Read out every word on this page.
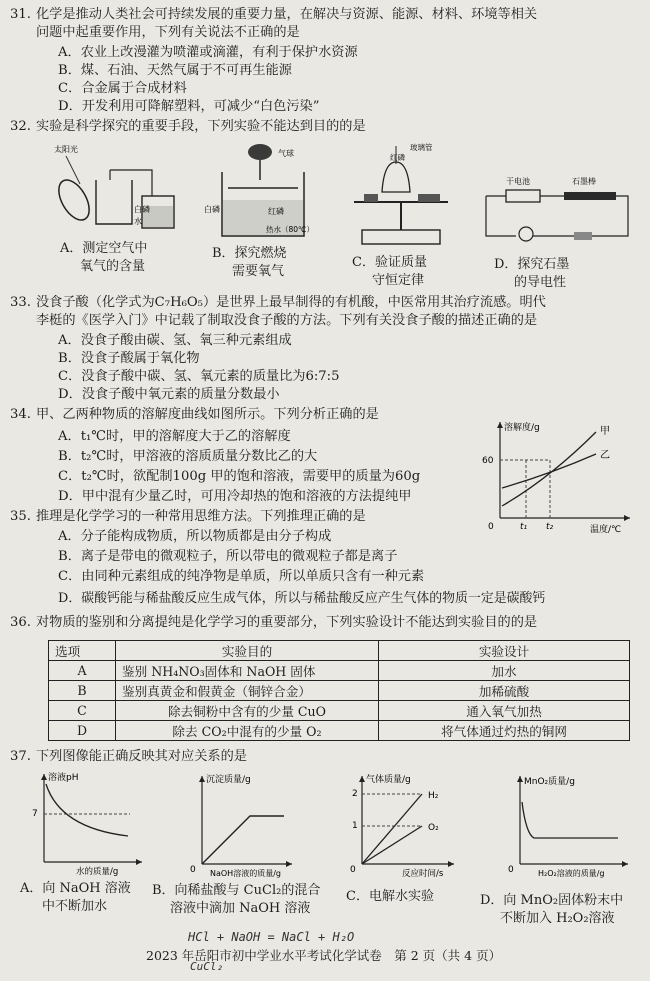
31. 化学是推动人类社会可持续发展的重要力量，在解决与资源、能源、材料、环境等相关
问题中起重要作用，下列有关说法不正确的是
A．农业上改漫灌为喷灌或滴灌，有利于保护水资源
B．煤、石油、天然气属于不可再生能源
C．合金属于合成材料
D．开发利用可降解塑料，可减少“白色污染”
32. 实验是科学探究的重要手段，下列实验不能达到目的的是
太阳光
白磷
水
A．测定空气中
氧气的含量
气球
白磷	红磷
热水（80℃）
B．探究燃烧
需要氧气
玻璃管
红磷
C．验证质量
守恒定律
干电池	石墨棒
D．探究石墨
的导电性
33. 没食子酸（化学式为C₇H₆O₅）是世界上最早制得的有机酸，中医常用其治疗流感。明代
李梃的《医学入门》中记载了制取没食子酸的方法。下列有关没食子酸的描述正确的是
A．没食子酸由碳、氢、氧三种元素组成
B．没食子酸属于氧化物
C．没食子酸中碳、氢、氧元素的质量比为6:7:5
D．没食子酸中氧元素的质量分数最小
34. 甲、乙两种物质的溶解度曲线如图所示。下列分析正确的是
A．t₁℃时，甲的溶解度大于乙的溶解度
B．t₂℃时，甲溶液的溶质质量分数比乙的大
C．t₂℃时，欲配制100g 甲的饱和溶液，需要甲的质量为60g
D．甲中混有少量乙时，可用冷却热的饱和溶液的方法提纯甲
溶解度/g
60
0	t₁ t₂	温度/℃
甲
乙
35. 推理是化学学习的一种常用思维方法。下列推理正确的是
A．分子能构成物质，所以物质都是由分子构成
B．离子是带电的微观粒子，所以带电的微观粒子都是离子
C．由同种元素组成的纯净物是单质，所以单质只含有一种元素
D．碳酸钙能与稀盐酸反应生成气体，所以与稀盐酸反应产生气体的物质一定是碳酸钙
36. 对物质的鉴别和分离提纯是化学学习的重要部分，下列实验设计不能达到实验目的的是
选项	实验目的	实验设计
A	鉴别 NH₄NO₃固体和 NaOH 固体	加水
B	鉴别真黄金和假黄金（铜锌合金）	加稀硫酸
C	除去铜粉中含有的少量 CuO	通入氧气加热
D	除去 CO₂中混有的少量 O₂	将气体通过灼热的铜网
37. 下列图像能正确反映其对应关系的是
溶液pH
7
水的质量/g
A．向 NaOH 溶液
中不断加水
沉淀质量/g
0 NaOH溶液的质量/g
B．向稀盐酸与 CuCl₂的混合
溶液中滴加 NaOH 溶液
气体质量/g
2
1
0
H₂
O₂
反应时间/s
C．电解水实验
MnO₂质量/g
0	H₂O₂溶液的质量/g
D．向 MnO₂固体粉末中
不断加入 H₂O₂溶液
2023 年岳阳市初中学业水平考试化学试卷　第 2 页（共 4 页）
HCl + NaOH = NaCl + H₂O
CuCl₂
